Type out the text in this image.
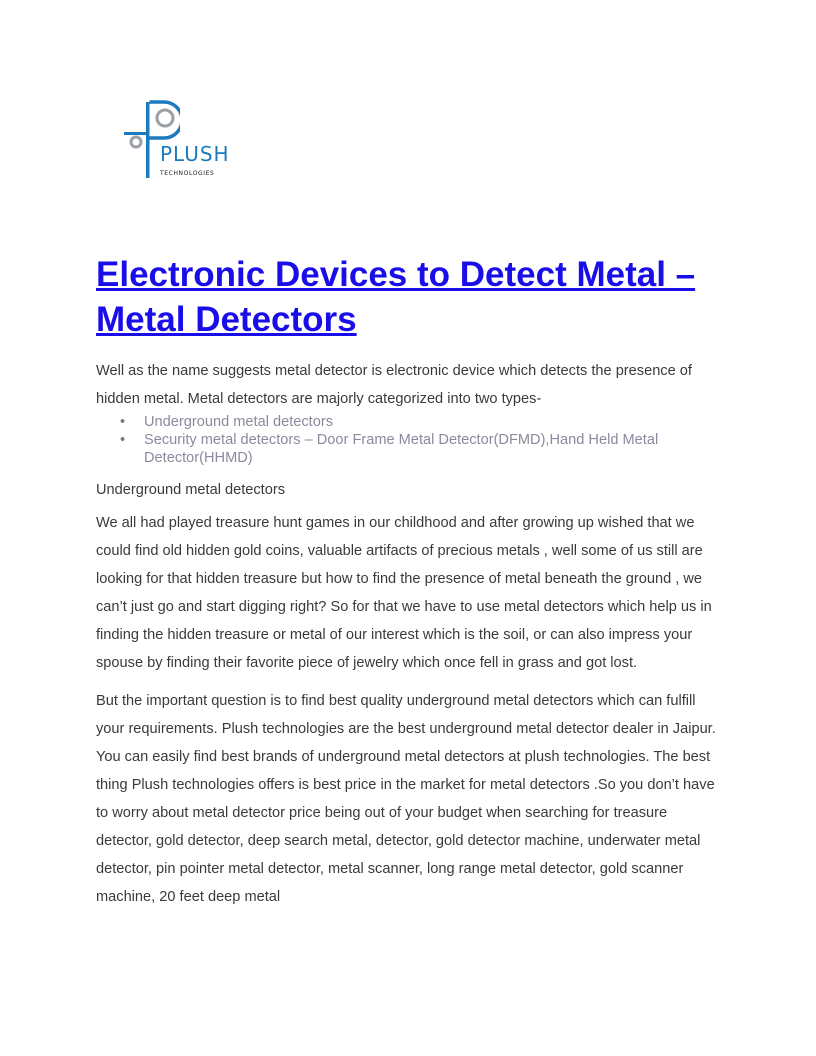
PLUSH
TECHNOLOGIES
Electronic Devices to Detect Metal – Metal Detectors

Well as the name suggests metal detector is electronic device which detects the presence of hidden metal. Metal detectors are majorly categorized into two types-

• Underground metal detectors
• Security metal detectors – Door Frame Metal Detector(DFMD),Hand Held Metal Detector(HHMD)

Underground metal detectors

We all had played treasure hunt games in our childhood and after growing up wished that we could find old hidden gold coins, valuable artifacts of precious metals , well some of us still are looking for that hidden treasure but how to find the presence of metal beneath the ground , we can’t just go and start digging right? So for that we have to use metal detectors which help us in finding the hidden treasure or metal of our interest which is the soil, or can also impress your spouse by finding their favorite piece of jewelry which once fell in grass and got lost.

But the important question is to find best quality underground metal detectors which can fulfill your requirements. Plush technologies are the best underground metal detector dealer in Jaipur. You can easily find best brands of underground metal detectors at plush technologies. The best thing Plush technologies offers is best price in the market for metal detectors .So you don’t have to worry about metal detector price being out of your budget when searching for treasure detector, gold detector, deep search metal, detector, gold detector machine, underwater metal detector, pin pointer metal detector, metal scanner, long range metal detector, gold scanner machine, 20 feet deep metal
